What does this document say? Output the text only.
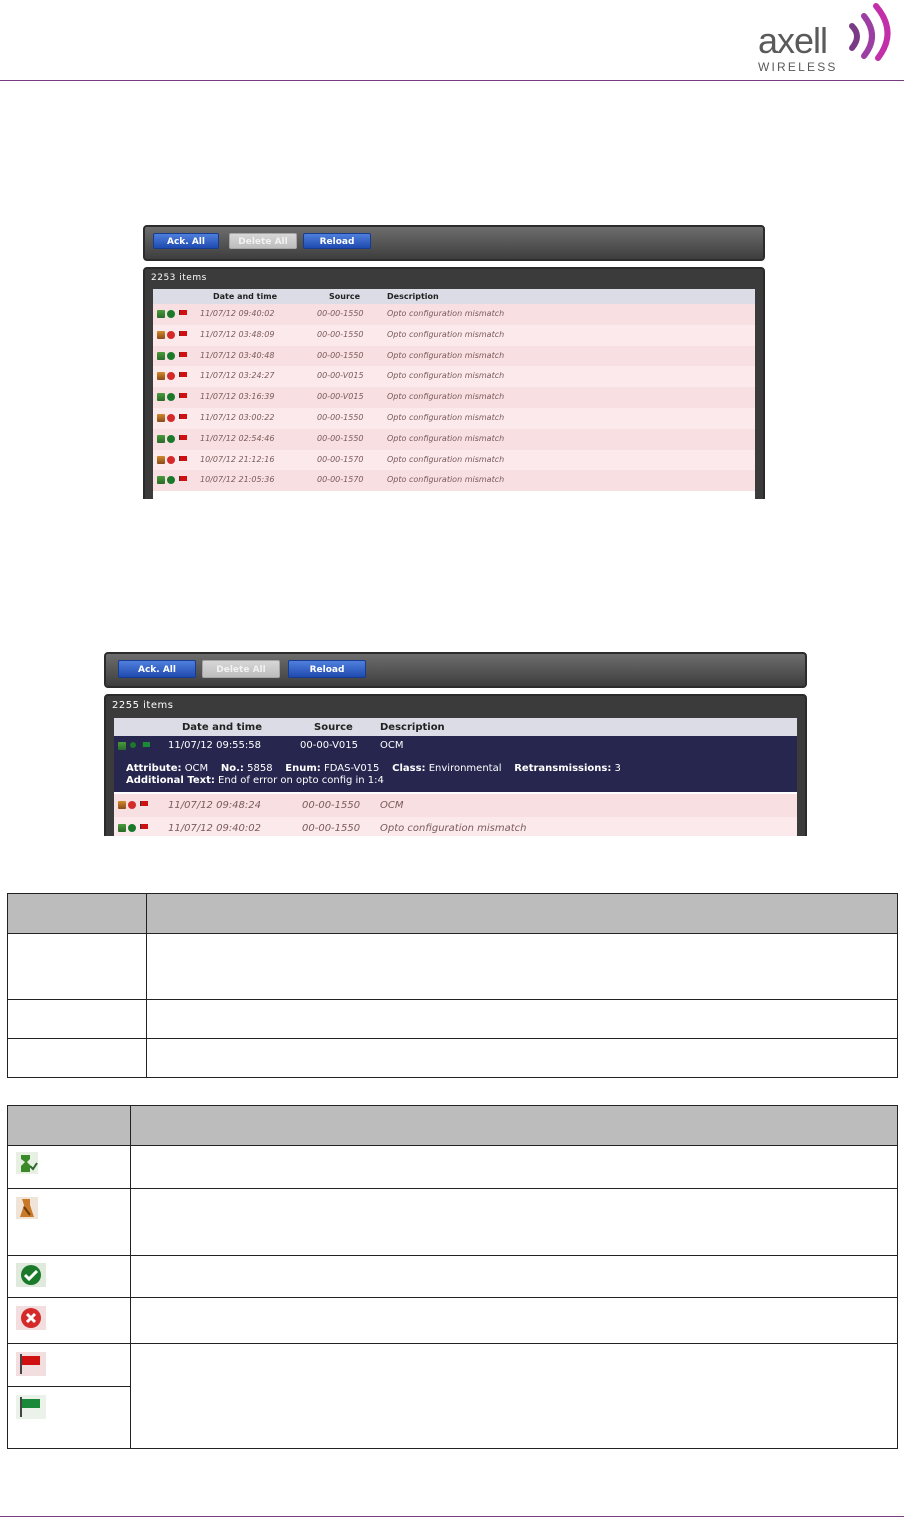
axell
WIRELESS
Ack. All	Delete All	Reload
2253 items
Date and time	Source	Description
11/07/12 09:40:02	00-00-1550	Opto configuration mismatch
11/07/12 03:48:09	00-00-1550	Opto configuration mismatch
11/07/12 03:40:48	00-00-1550	Opto configuration mismatch
11/07/12 03:24:27	00-00-V015	Opto configuration mismatch
11/07/12 03:16:39	00-00-V015	Opto configuration mismatch
11/07/12 03:00:22	00-00-1550	Opto configuration mismatch
11/07/12 02:54:46	00-00-1550	Opto configuration mismatch
10/07/12 21:12:16	00-00-1570	Opto configuration mismatch
10/07/12 21:05:36	00-00-1570	Opto configuration mismatch
Ack. All	Delete All	Reload
2255 items
Date and time	Source	Description
11/07/12 09:55:58	00-00-V015 OCM
Attribute: OCM No.: 5858 Enum: FDAS-V015 Class: Environmental Retransmissions: 3
Additional Text: End of error on opto config in 1:4
11/07/12 09:48:24	00-00-1550 OCM
11/07/12 09:40:02	00-00-1550 Opto configuration mismatch
